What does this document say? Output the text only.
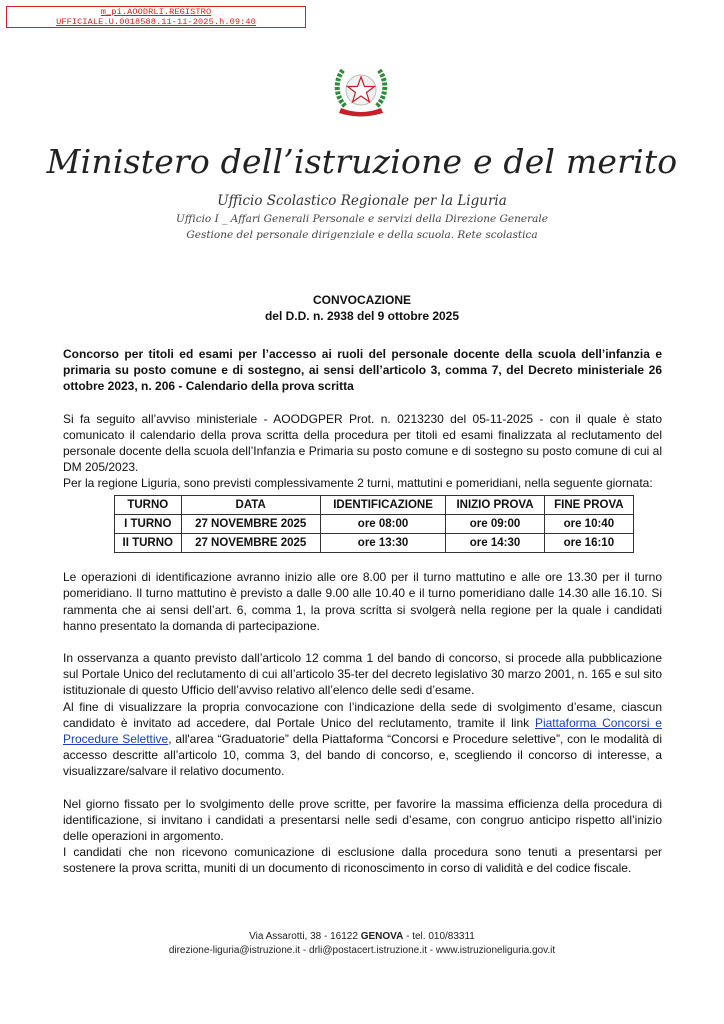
m_pi.AOODRLI.REGISTRO
UFFICIALE.U.0018588.11-11-2025.h.09:40
Ministero dell’istruzione e del merito
Ufficio Scolastico Regionale per la Liguria
Ufficio I _ Affari Generali Personale e servizi della Direzione Generale
Gestione del personale dirigenziale e della scuola. Rete scolastica
CONVOCAZIONE
del D.D. n. 2938 del 9 ottobre 2025

Concorso per titoli ed esami per l’accesso ai ruoli del personale docente della scuola dell’infanzia e primaria su posto comune e di sostegno, ai sensi dell’articolo 3, comma 7, del Decreto ministeriale 26 ottobre 2023, n. 206 - Calendario della prova scritta

Si fa seguito all’avviso ministeriale - AOODGPER Prot. n. 0213230 del 05-11-2025 - con il quale è stato comunicato il calendario della prova scritta della procedura per titoli ed esami finalizzata al reclutamento del personale docente della scuola dell’Infanzia e Primaria su posto comune e di sostegno su posto comune di cui al DM 205/2023.

Per la regione Liguria, sono previsti complessivamente 2 turni, mattutini e pomeridiani, nella seguente giornata:

TURNO	DATA	IDENTIFICAZIONE	INIZIO PROVA	FINE PROVA
I TURNO	27 NOVEMBRE 2025	ore 08:00	ore 09:00	ore 10:40
II TURNO	27 NOVEMBRE 2025	ore 13:30	ore 14:30	ore 16:10

Le operazioni di identificazione avranno inizio alle ore 8.00 per il turno mattutino e alle ore 13.30 per il turno pomeridiano. Il turno mattutino è previsto a dalle 9.00 alle 10.40 e il turno pomeridiano dalle 14.30 alle 16.10. Si rammenta che ai sensi dell’art. 6, comma 1, la prova scritta si svolgerà nella regione per la quale i candidati hanno presentato la domanda di partecipazione.

In osservanza a quanto previsto dall’articolo 12 comma 1 del bando di concorso, si procede alla pubblicazione sul Portale Unico del reclutamento di cui all’articolo 35-ter del decreto legislativo 30 marzo 2001, n. 165 e sul sito istituzionale di questo Ufficio dell’avviso relativo all’elenco delle sedi d’esame.

Al fine di visualizzare la propria convocazione con l’indicazione della sede di svolgimento d’esame, ciascun candidato è invitato ad accedere, dal Portale Unico del reclutamento, tramite il link Piattaforma Concorsi e Procedure Selettive, all'area “Graduatorie” della Piattaforma “Concorsi e Procedure selettive”, con le modalità di accesso descritte all’articolo 10, comma 3, del bando di concorso, e, scegliendo il concorso di interesse, a visualizzare/salvare il relativo documento.

Nel giorno fissato per lo svolgimento delle prove scritte, per favorire la massima efficienza della procedura di identificazione, si invitano i candidati a presentarsi nelle sedi d’esame, con congruo anticipo rispetto all’inizio delle operazioni in argomento.

I candidati che non ricevono comunicazione di esclusione dalla procedura sono tenuti a presentarsi per sostenere la prova scritta, muniti di un documento di riconoscimento in corso di validità e del codice fiscale.

Via Assarotti, 38 - 16122 GENOVA - tel. 010/83311
direzione-liguria@istruzione.it - drli@postacert.istruzione.it - www.istruzioneliguria.gov.it
